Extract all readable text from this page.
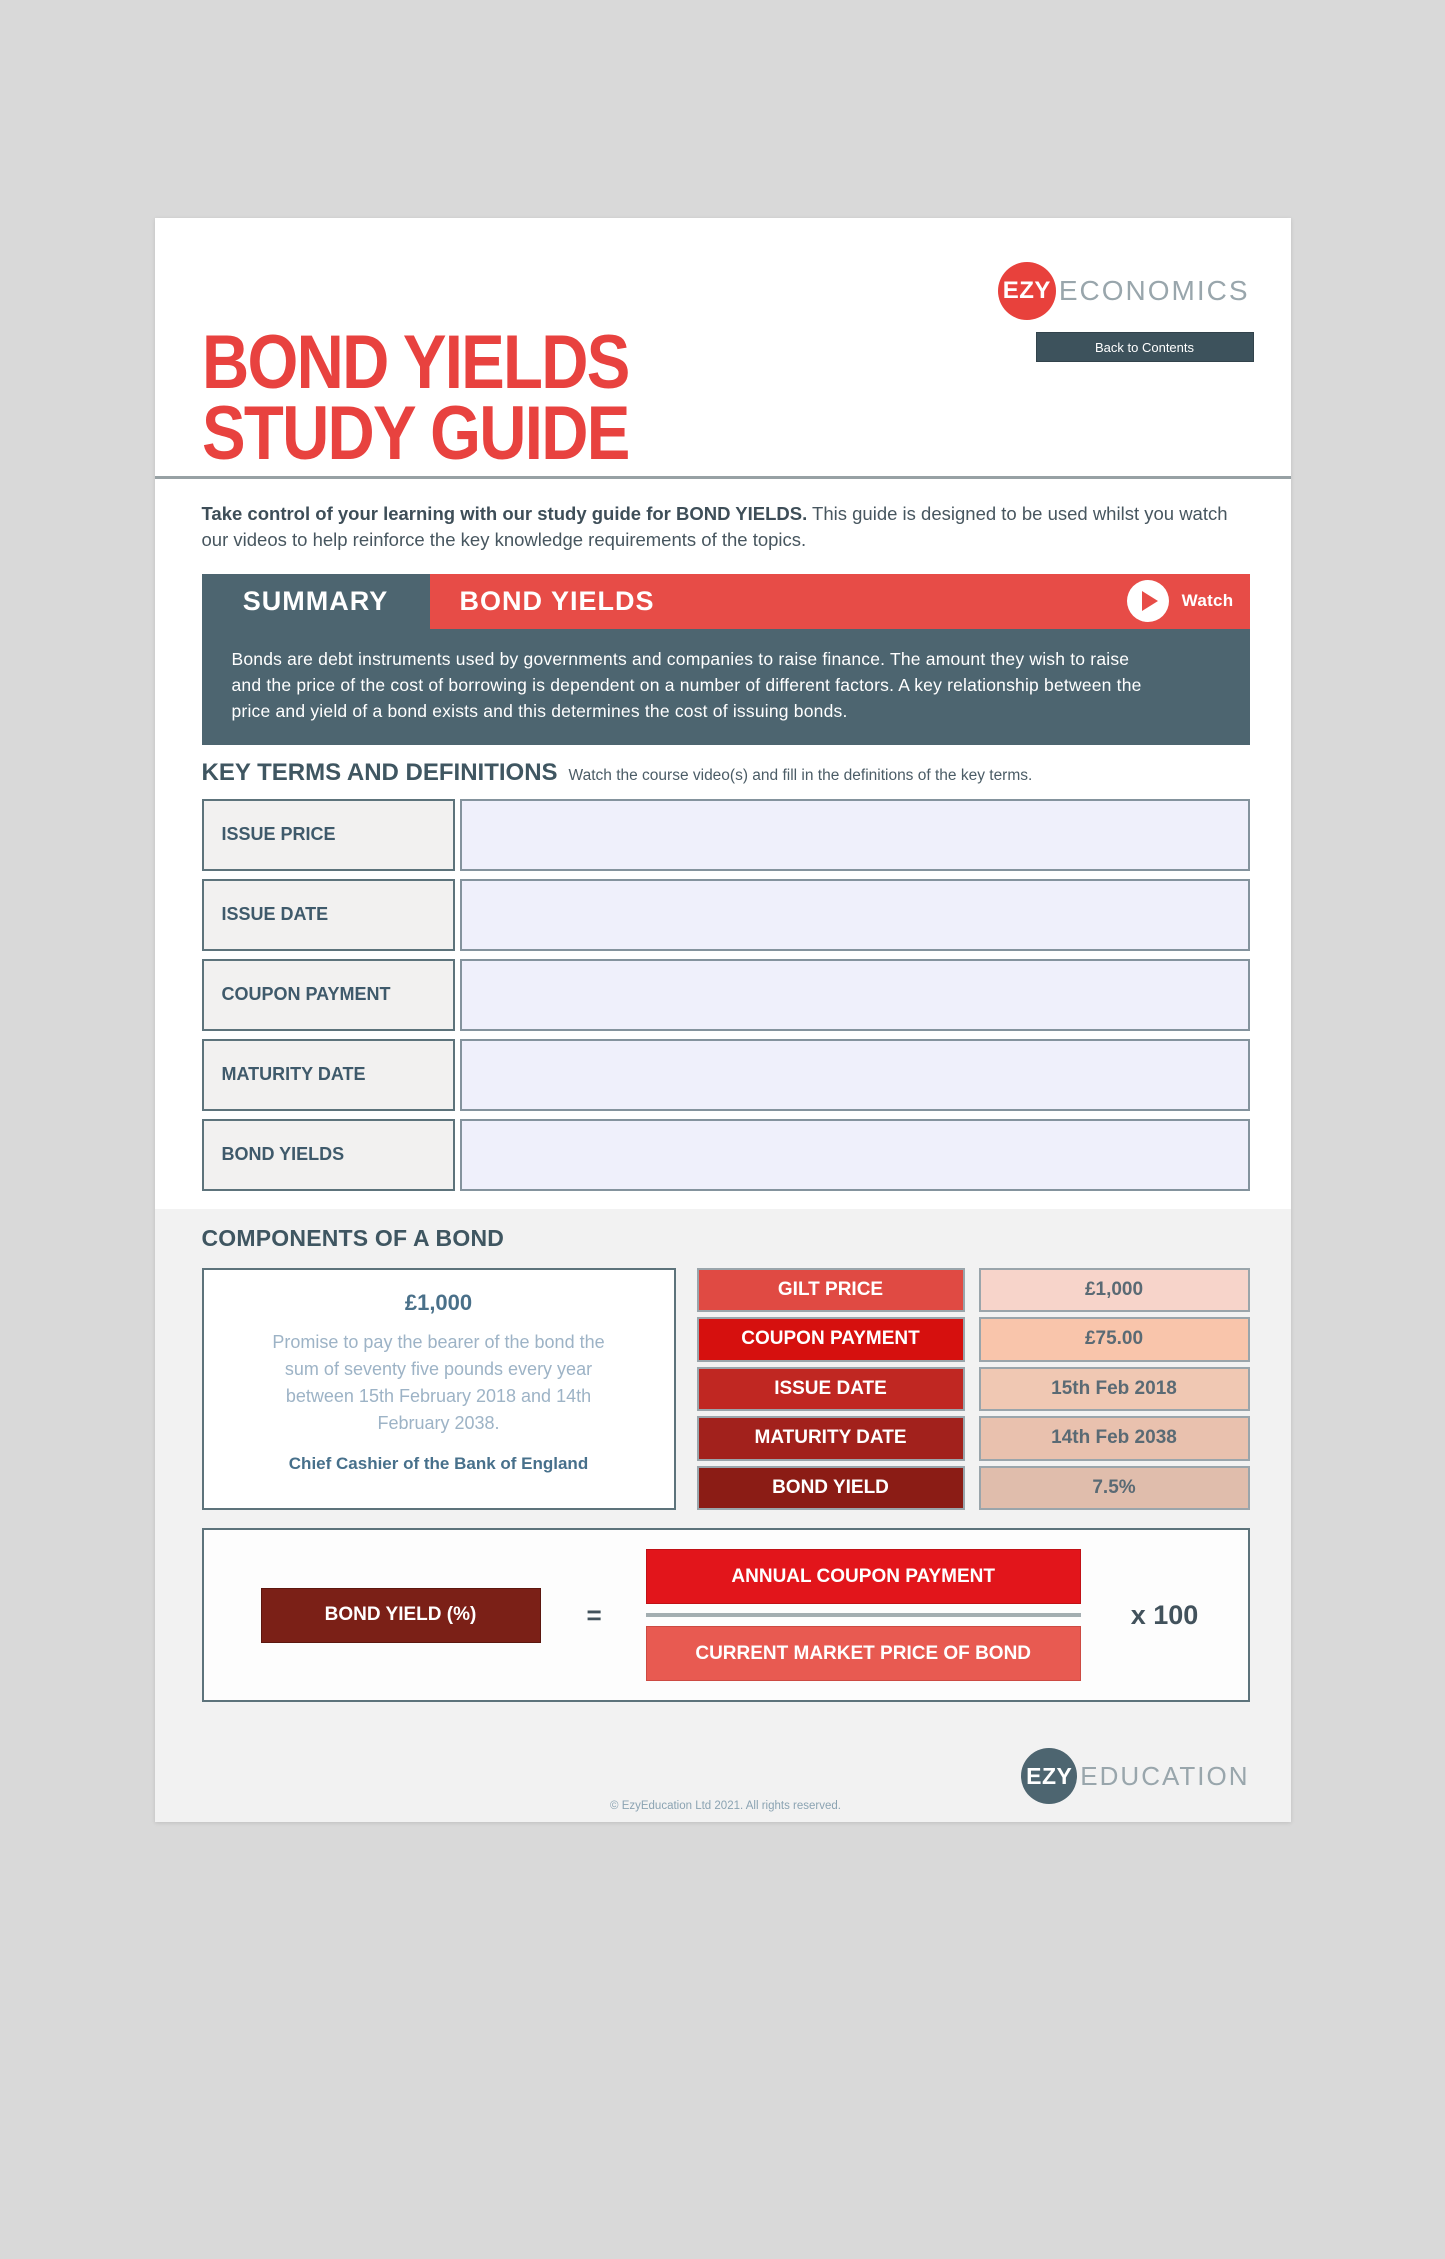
EZY ECONOMICS
Back to Contents
BOND YIELDS
STUDY GUIDE
Take control of your learning with our study guide for BOND YIELDS. This guide is designed to be used whilst you watch our videos to help reinforce the key knowledge requirements of the topics.
SUMMARY	BOND YIELDS	Watch
Bonds are debt instruments used by governments and companies to raise finance. The amount they wish to raise and the price of the cost of borrowing is dependent on a number of different factors. A key relationship between the price and yield of a bond exists and this determines the cost of issuing bonds.
KEY TERMS AND DEFINITIONS Watch the course video(s) and fill in the definitions of the key terms.
ISSUE PRICE
ISSUE DATE
COUPON PAYMENT
MATURITY DATE
BOND YIELDS
COMPONENTS OF A BOND
£1,000
Promise to pay the bearer of the bond the sum of seventy five pounds every year between 15th February 2018 and 14th February 2038.
Chief Cashier of the Bank of England
GILT PRICE	£1,000
COUPON PAYMENT	£75.00
ISSUE DATE	15th Feb 2018
MATURITY DATE	14th Feb 2038
BOND YIELD	7.5%
BOND YIELD (%)	= $\frac{\text{ANNUAL COUPON PAYMENT}}{\text{CURRENT MARKET PRICE OF BOND}}$ x 100
EZY EDUCATION
© EzyEducation Ltd 2021. All rights reserved.
